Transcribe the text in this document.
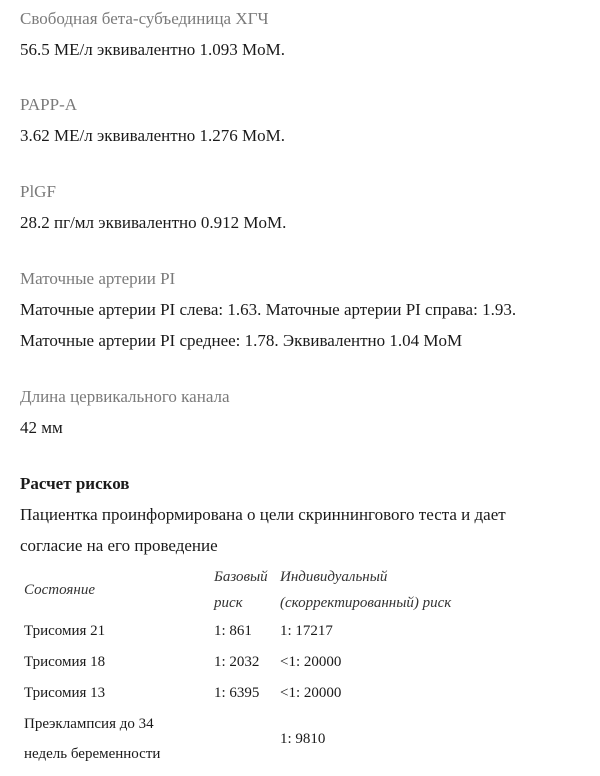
Свободная бета-субъединица ХГЧ
56.5 МЕ/л эквивалентно 1.093 MoM.
PAPP-A
3.62 МЕ/л эквивалентно 1.276 MoM.
PlGF
28.2 пг/мл эквивалентно 0.912 MoM.
Маточные артерии PI
Маточные артерии PI слева: 1.63. Маточные артерии PI справа: 1.93.
Маточные артерии PI среднее: 1.78. Эквивалентно 1.04 MoM
Длина цервикального канала
42 мм
Расчет рисков
Пациентка проинформирована о цели скриннингового теста и дает
согласие на его проведение
Состояние	Базовый	Индивидуальный
	риск	(скорректированный) риск
Трисомия 21	1: 861	1: 17217
Трисомия 18	1: 2032	<1: 20000
Трисомия 13	1: 6395	<1: 20000

Преэклампсия до 34
недель беременности		1: 9810
